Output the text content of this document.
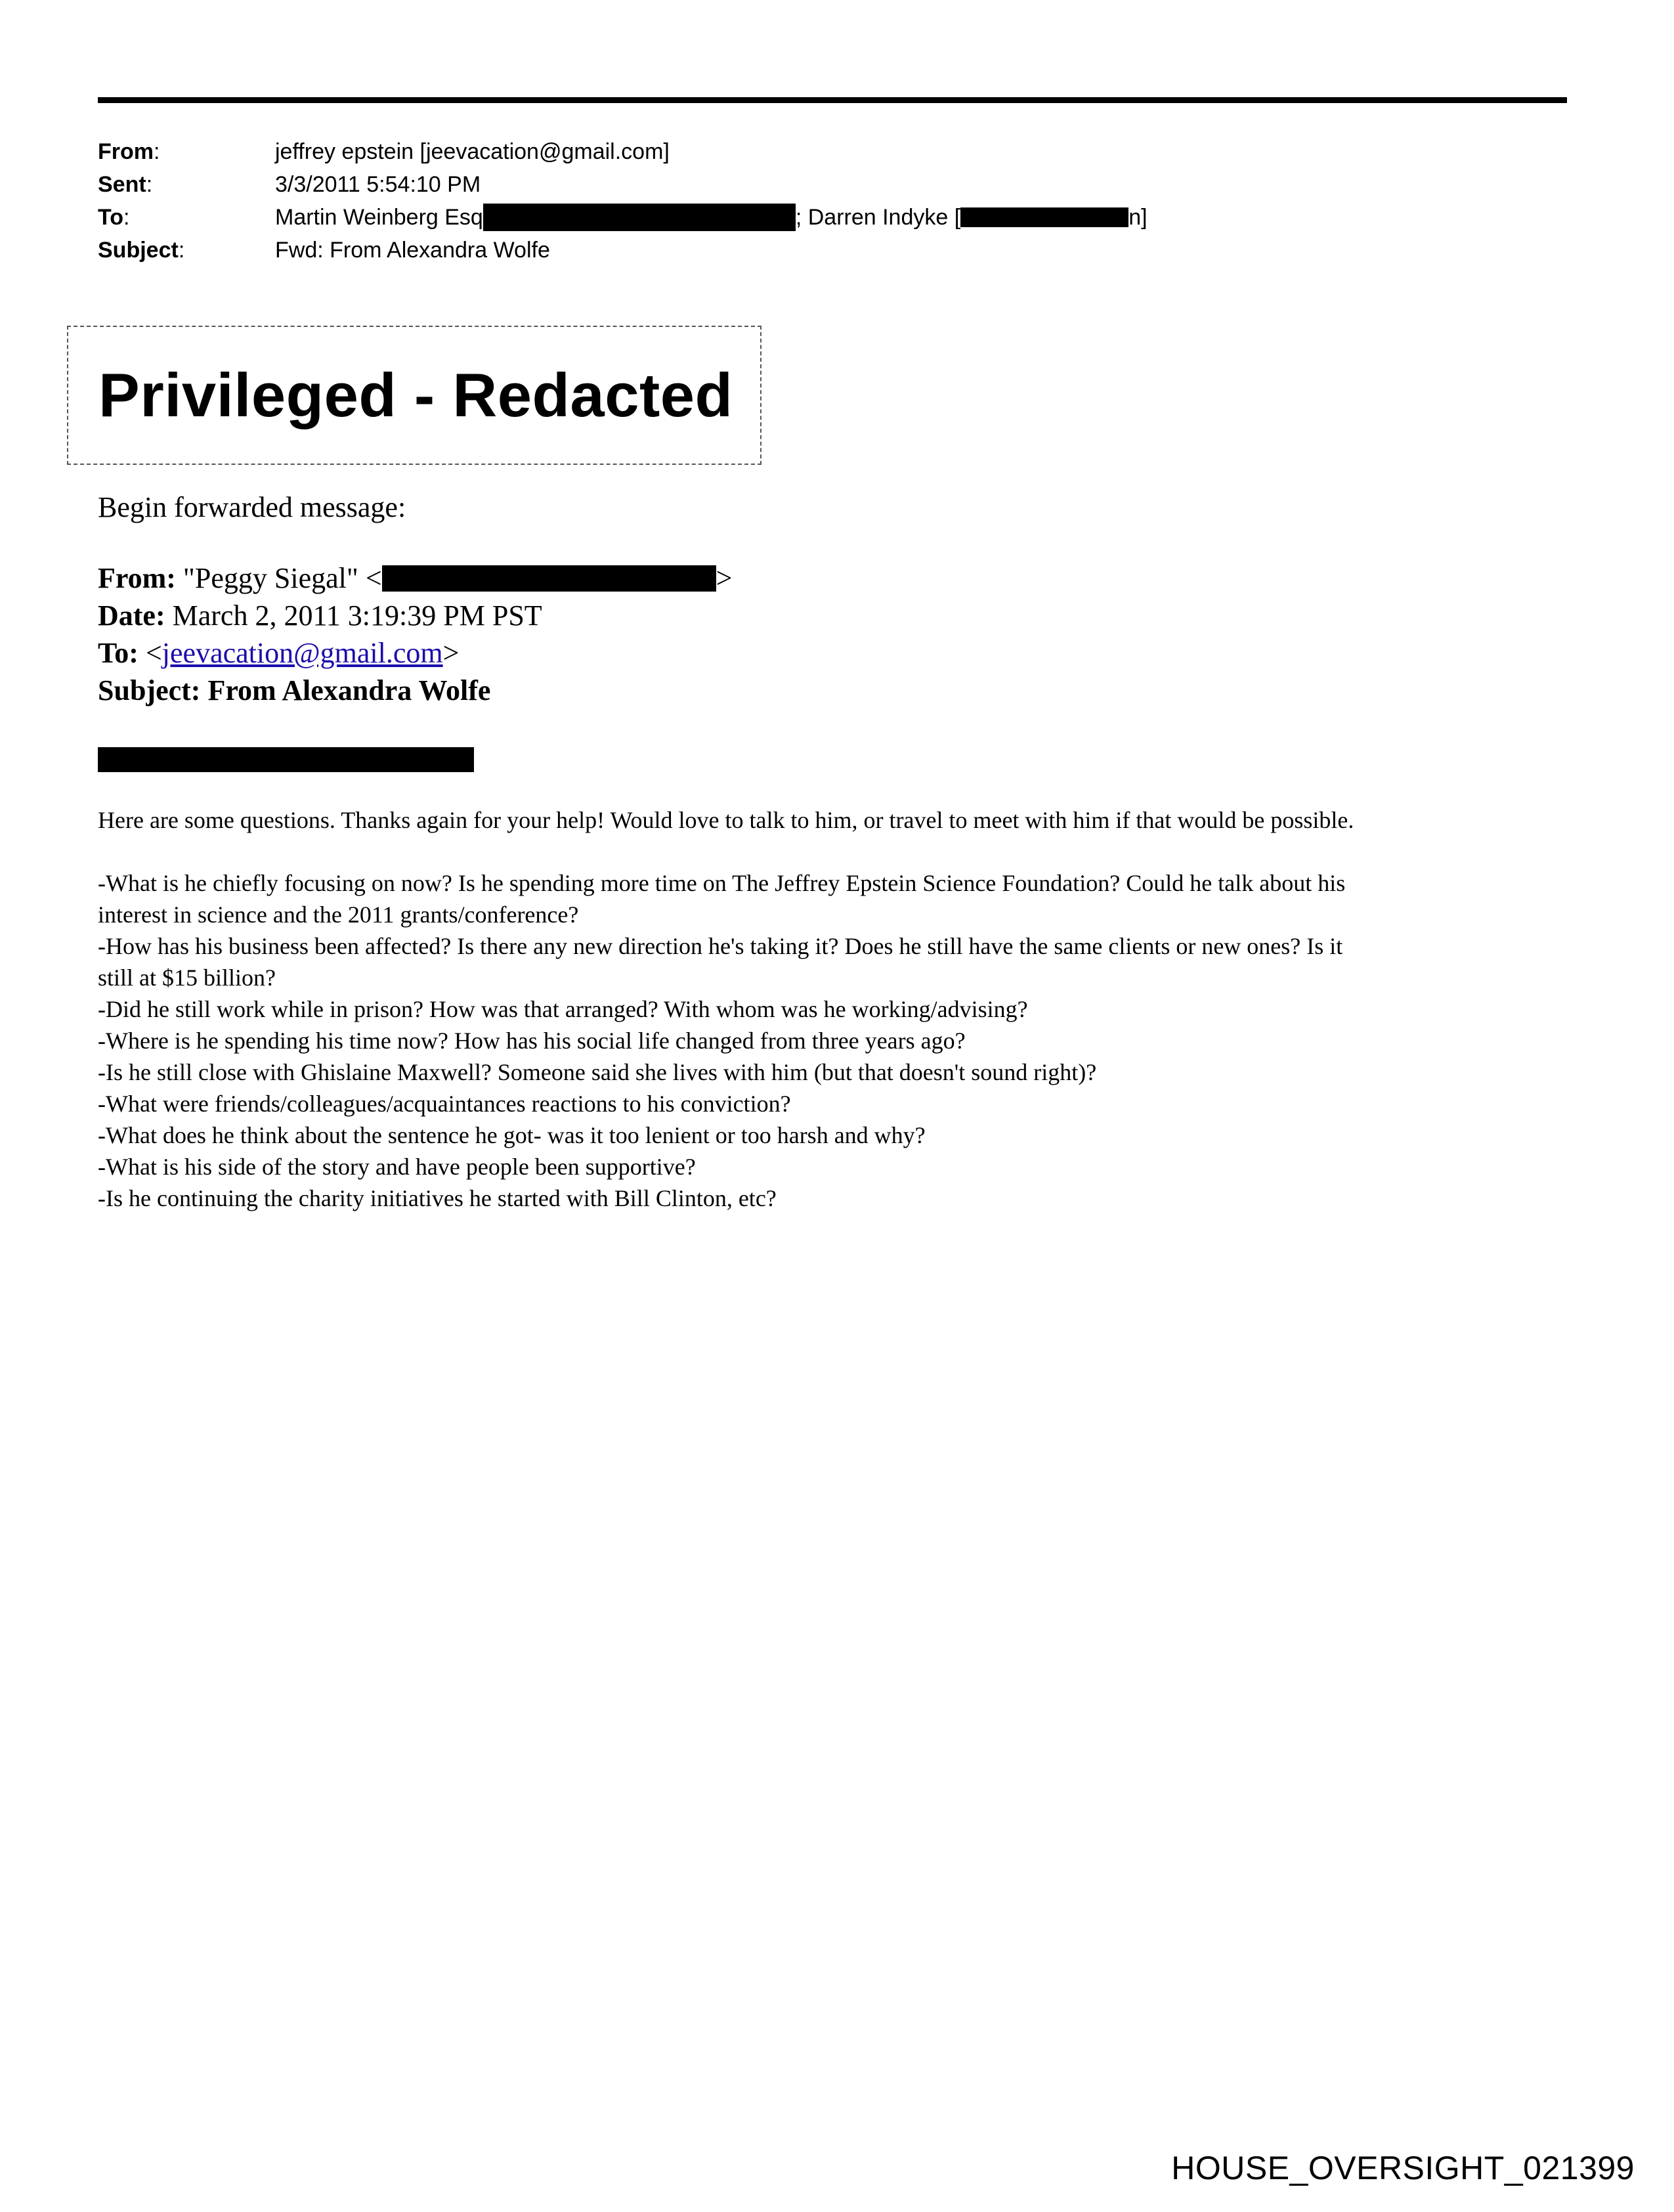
From:	jeffrey epstein [jeevacation@gmail.com]
Sent:	3/3/2011 5:54:10 PM
To:	Martin Weinberg Esq	; Darren Indyke [	n]
Subject:	Fwd: From Alexandra Wolfe
Privileged - Redacted
Begin forwarded message:
From:
"Peggy Siegal" <	>
Date:
March 2, 2011 3:19:39 PM PST
To:
< jeevacation@gmail.com >
Subject:
From Alexandra Wolfe

Here are some questions. Thanks again for your help! Would love to talk to him, or travel to meet with him if that would be possible.

-What is he chiefly focusing on now? Is he spending more time on The Jeffrey Epstein Science Foundation? Could he talk about his

interest in science and the 2011 grants/conference?

-How has his business been affected? Is there any new direction he's taking it? Does he still have the same clients or new ones? Is it

still at $15 billion?

-Did he still work while in prison? How was that arranged? With whom was he working/advising?

-Where is he spending his time now? How has his social life changed from three years ago?

-Is he still close with Ghislaine Maxwell? Someone said she lives with him (but that doesn't sound right)?

-What were friends/colleagues/acquaintances reactions to his conviction?

-What does he think about the sentence he got- was it too lenient or too harsh and why?

-What is his side of the story and have people been supportive?

-Is he continuing the charity initiatives he started with Bill Clinton, etc?

HOUSE_OVERSIGHT_021399
